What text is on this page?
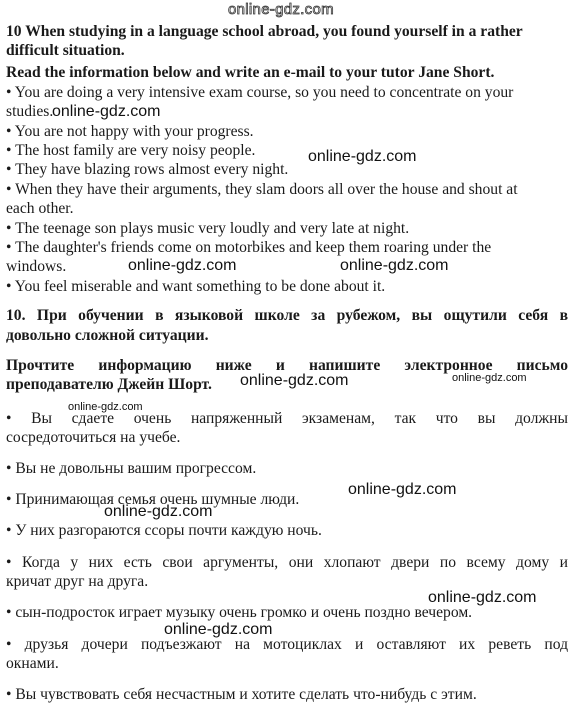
10 When studying in a language school abroad, you found yourself in a rather
difficult situation.
Read the information below and write an e-mail to your tutor Jane Short.
• You are doing a very intensive exam course, so you need to concentrate on your
studies.
• You are not happy with your progress.
• The host family are very noisy people.
• They have blazing rows almost every night.
• When they have their arguments, they slam doors all over the house and shout at
each other.
• The teenage son plays music very loudly and very late at night.
• The daughter's friends come on motorbikes and keep them roaring under the
windows.
• You feel miserable and want something to be done about it.
10. При обучении в языковой школе за рубежом, вы ощутили себя в
довольно сложной ситуации.
Прочтите информацию ниже и напишите электронное письмо
преподавателю Джейн Шорт.
• Вы сдаете очень напряженный экзаменам, так что вы должны
сосредоточиться на учебе.
• Вы не довольны вашим прогрессом.
• Принимающая семья очень шумные люди.
• У них разгораются ссоры почти каждую ночь.
• Когда у них есть свои аргументы, они хлопают двери по всему дому и
кричат друг на друга.
• сын-подросток играет музыку очень громко и очень поздно вечером.
• друзья дочери подъезжают на мотоциклах и оставляют их реветь под
окнами.
• Вы чувствовать себя несчастным и хотите сделать что-нибудь с этим.
online-gdz.com
online-gdz.com
online-gdz.com
online-gdz.com	online-gdz.com
online-gdz.com	online-gdz.com
online-gdz.com
online-gdz.com
online-gdz.com
online-gdz.com
online-gdz.com
